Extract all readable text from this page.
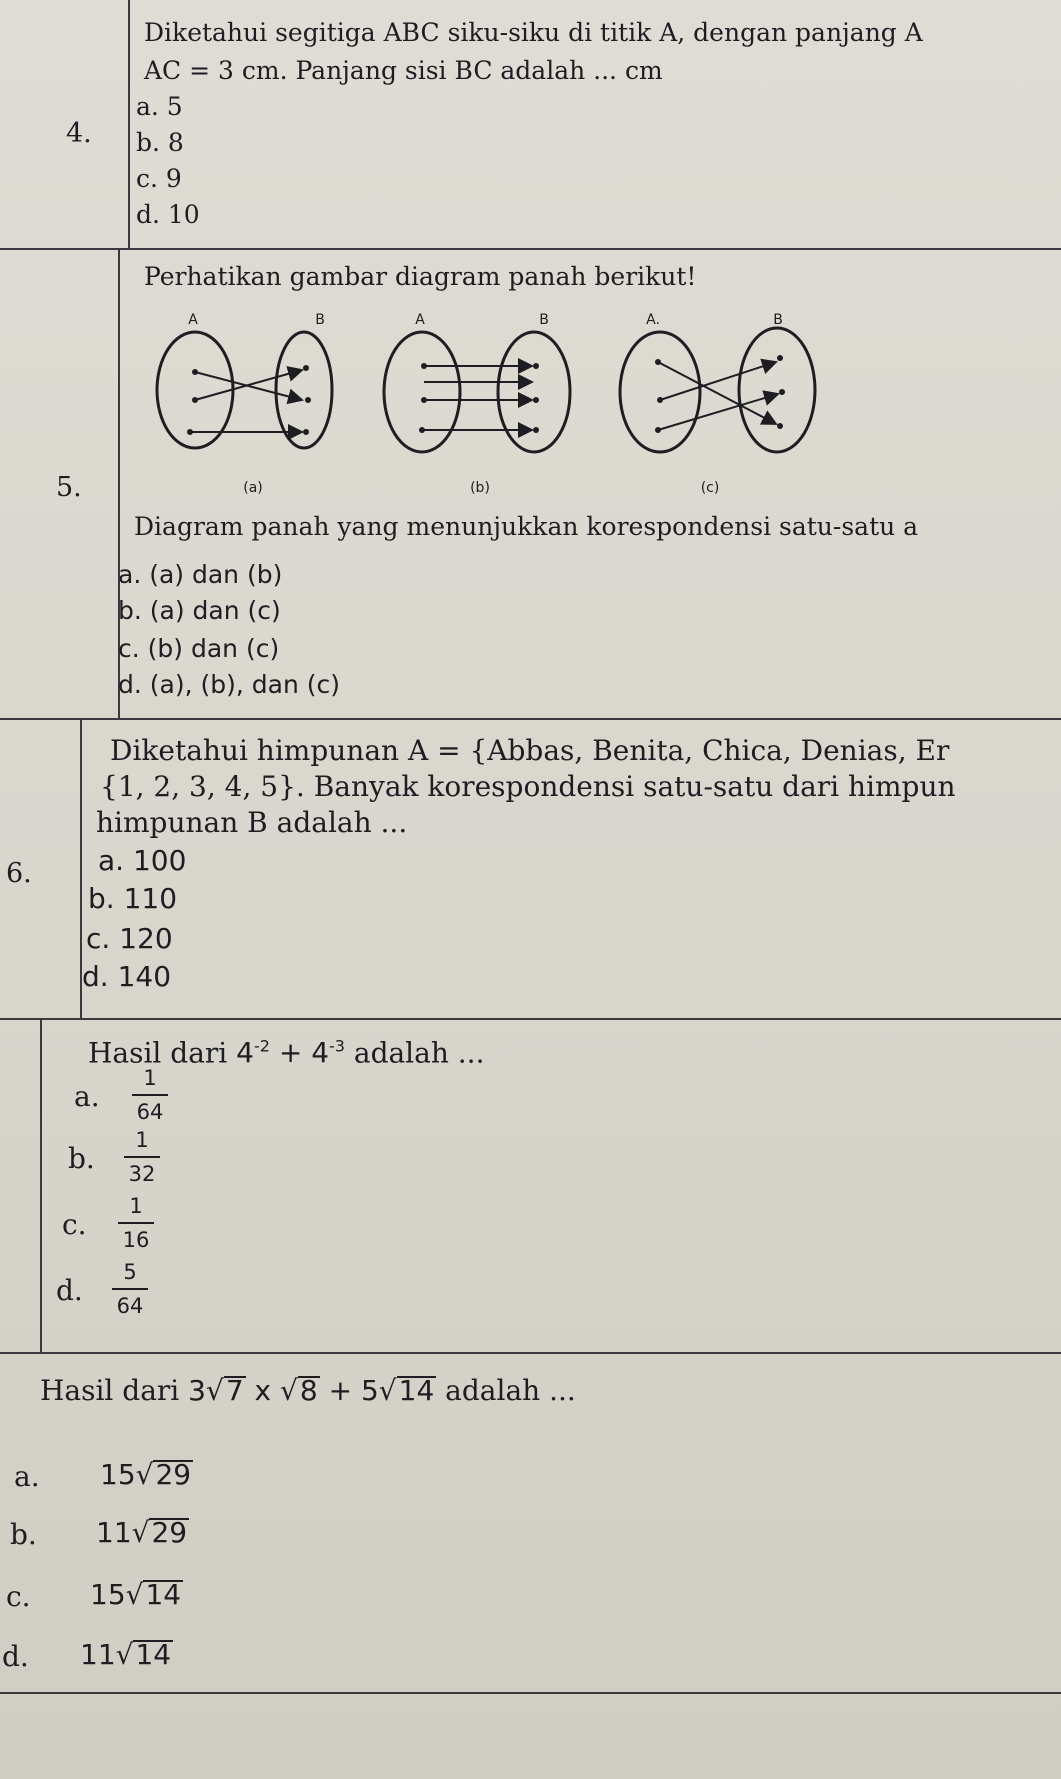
4.
Diketahui segitiga ABC siku-siku di titik A, dengan panjang A
AC = 3 cm. Panjang sisi BC adalah ... cm
a. 5
b. 8
c. 9
d. 10
5.
Perhatikan gambar diagram panah berikut!
A	B
(a)
A	B
(b)
A.	B
(c)
Diagram panah yang menunjukkan korespondensi satu-satu a
a. (a) dan (b)
b. (a) dan (c)
c. (b) dan (c)
d. (a), (b), dan (c)
6.
Diketahui himpunan A = {Abbas, Benita, Chica, Denias, Er
{1, 2, 3, 4, 5}. Banyak korespondensi satu-satu dari himpun
himpunan B adalah ...
a. 100
b. 110
c. 120
d. 140
Hasil dari $4^{-2} + 4^{-3}$ adalah ...
a.
1
64
b.
1
32
c.
1
16
d.
5
64
Hasil dari 3√7 x √8 + 5√14 adalah ...
a. 15√29
b. 11√29
c. 15√14
d. 11√14
